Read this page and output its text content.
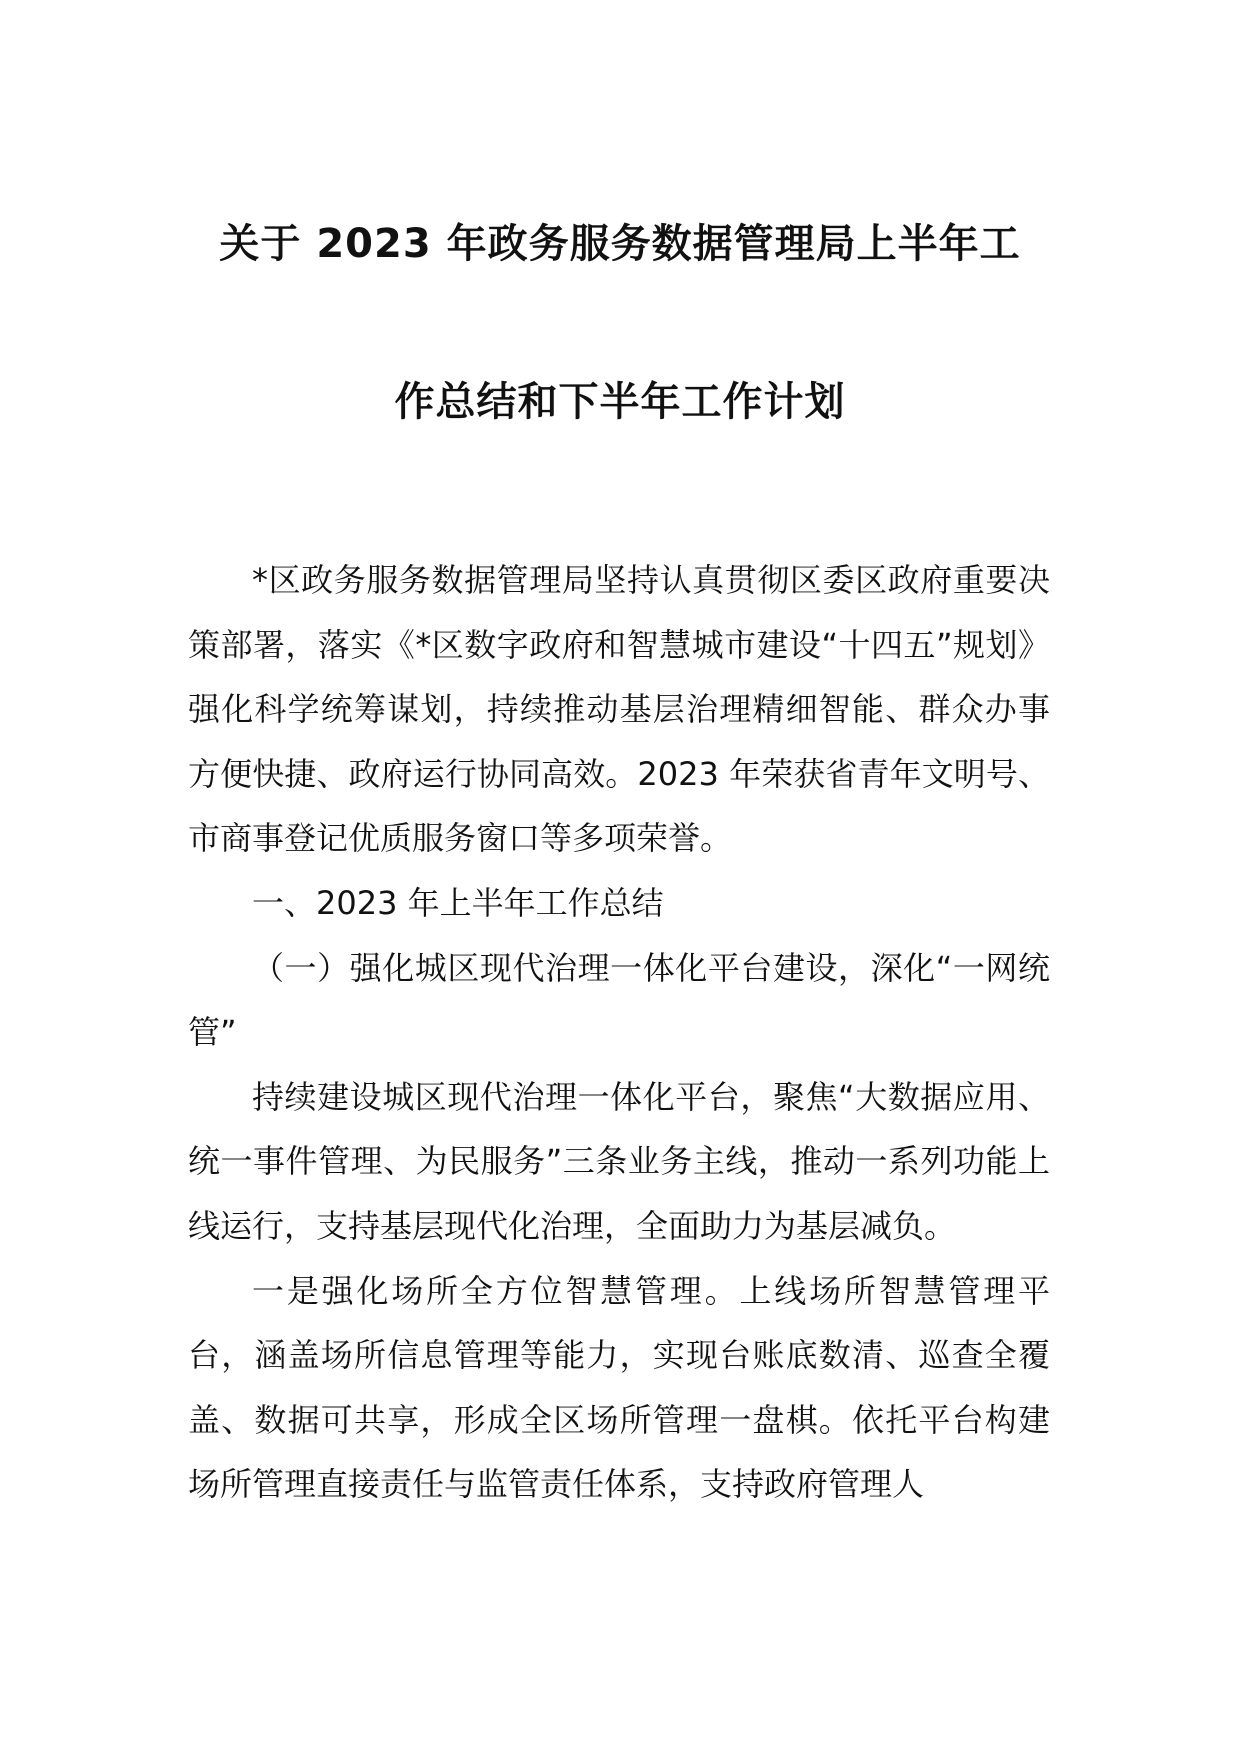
关于 2023 年政务服务数据管理局上半年工
作总结和下半年工作计划

*区政务服务数据管理局坚持认真贯彻区委区政府重要决策部署，落实《*区数字政府和智慧城市建设“十四五”规划》强化科学统筹谋划，持续推动基层治理精细智能、群众办事方便快捷、政府运行协同高效。2023 年荣获省青年文明号、市商事登记优质服务窗口等多项荣誉。

一、2023 年上半年工作总结

（一）强化城区现代治理一体化平台建设，深化“一网统管”

持续建设城区现代治理一体化平台，聚焦“大数据应用、统一事件管理、为民服务”三条业务主线，推动一系列功能上线运行，支持基层现代化治理，全面助力为基层减负。

一是强化场所全方位智慧管理。上线场所智慧管理平台，涵盖场所信息管理等能力，实现台账底数清、巡查全覆盖、数据可共享，形成全区场所管理一盘棋。依托平台构建场所管理直接责任与监管责任体系，支持政府管理人
